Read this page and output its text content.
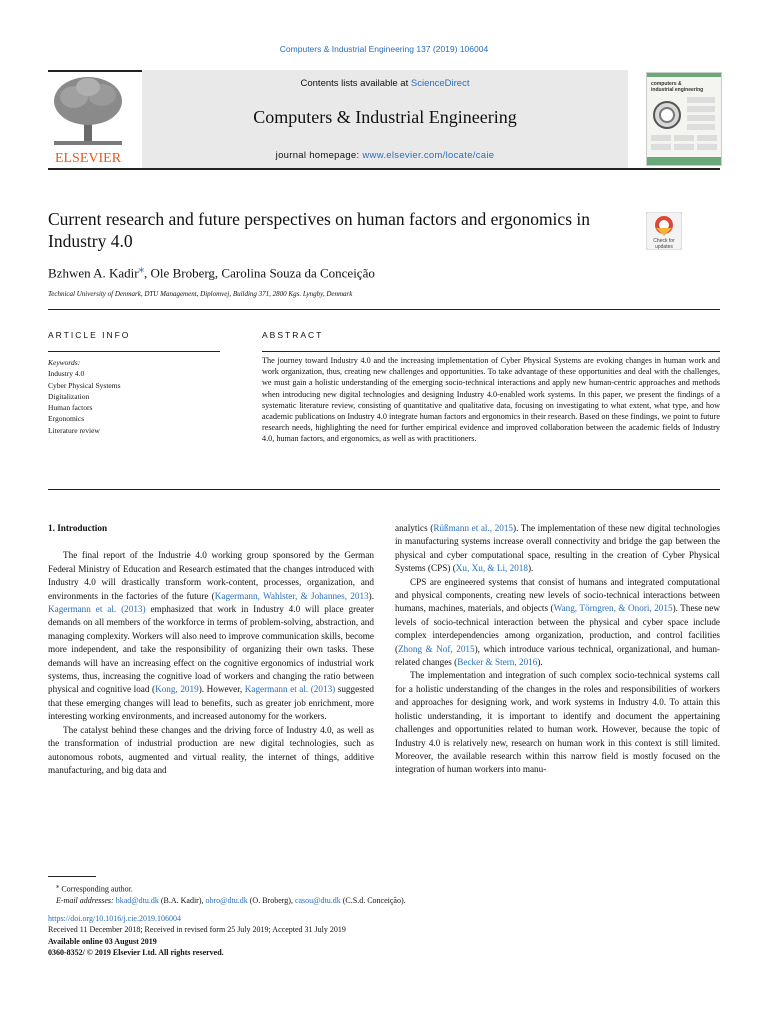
Computers & Industrial Engineering 137 (2019) 106004
Contents lists available at ScienceDirect
Computers & Industrial Engineering
journal homepage: www.elsevier.com/locate/caie
ELSEVIER
computers &
industrial engineering
Current research and future perspectives on human factors and ergonomics in Industry 4.0	Check for
updates
Bzhwen A. Kadir⁎, Ole Broberg, Carolina Souza da Conceição
Technical University of Denmark, DTU Management, Diplomvej, Building 371, 2800 Kgs. Lyngby, Denmark
ARTICLE INFO	ABSTRACT
Keywords:
Industry 4.0
Cyber Physical Systems
Digitalization
Human factors
Ergonomics
Literature review
The journey toward Industry 4.0 and the increasing implementation of Cyber Physical Systems are evoking changes in human work and work organization, thus, creating new challenges and opportunities. To take advantage of these opportunities and deal with the challenges, we must gain a holistic understanding of the emerging socio-technical interactions and apply new human-centric approaches and methods when introducing new digital technologies and designing Industry 4.0-enabled work systems. In this paper, we present the findings of a systematic literature review, consisting of quantitative and qualitative data, focusing on investigating to what extent, what type, and how academic publications on Industry 4.0 integrate human factors and ergonomics in their research. Based on these findings, we point to future research needs, highlighting the need for further empirical evidence and improved collaboration between the academic fields of Industry 4.0, human factors, and ergonomics, as well as with practitioners.

1. Introduction

The final report of the Industrie 4.0 working group sponsored by the German Federal Ministry of Education and Research estimated that the changes introduced with Industry 4.0 will drastically transform work-content, processes, organization, and environments in the factories of the future (Kagermann, Wahlster, & Johannes, 2013). Kagermann et al. (2013) emphasized that work in Industry 4.0 will place greater demands on all members of the workforce in terms of problem-solving, abstraction, and managing complexity. Workers will also need to improve communication skills, become more independent, and take the responsibility of organizing their own tasks. These demands will have an increasing effect on the cognitive ergonomics of industrial work systems, thus, increasing the cognitive load of workers and changing the ratio between physical and cognitive load (Kong, 2019). However, Kagermann et al. (2013) suggested that these emerging changes will lead to benefits, such as greater job enrichment, more interesting working environments, and increased autonomy for the workers.

The catalyst behind these changes and the driving force of Industry 4.0, as well as the transformation of industrial production are new digital technologies, such as autonomous robots, augmented and virtual reality, the internet of things, additive manufacturing, and big data and

analytics (Rüßmann et al., 2015). The implementation of these new digital technologies in manufacturing systems increase overall connectivity and bridge the gap between the physical and cyber computational space, resulting in the creation of Cyber Physical Systems (CPS) (Xu, Xu, & Li, 2018).

CPS are engineered systems that consist of humans and integrated computational and physical components, creating new levels of socio-technical interactions between humans, machines, materials, and objects (Wang, Törngren, & Onori, 2015). These new levels of socio-technical interaction between the physical and cyber space include complex interdependencies among organization, production, and control facilities (Zhong & Nof, 2015), which introduce various technical, organizational, and human-related changes (Becker & Stern, 2016).

The implementation and integration of such complex socio-technical systems call for a holistic understanding of the changes in the roles and responsibilities of workers and approaches for designing work, and work systems in Industry 4.0. To attain this holistic understanding, it is important to identify and document the appertaining challenges and opportunities related to human work. However, because the topic of Industry 4.0 is relatively new, research on human work in this context is still limited. Moreover, the available research within this narrow field is mostly focused on the integration of human workers into manu-

⁎ Corresponding author.
E-mail addresses: bkad@dtu.dk (B.A. Kadir), obro@dtu.dk (O. Broberg), casou@dtu.dk (C.S.d. Conceição).
https://doi.org/10.1016/j.cie.2019.106004
Received 11 December 2018; Received in revised form 25 July 2019; Accepted 31 July 2019
Available online 03 August 2019
0360-8352/ © 2019 Elsevier Ltd. All rights reserved.
